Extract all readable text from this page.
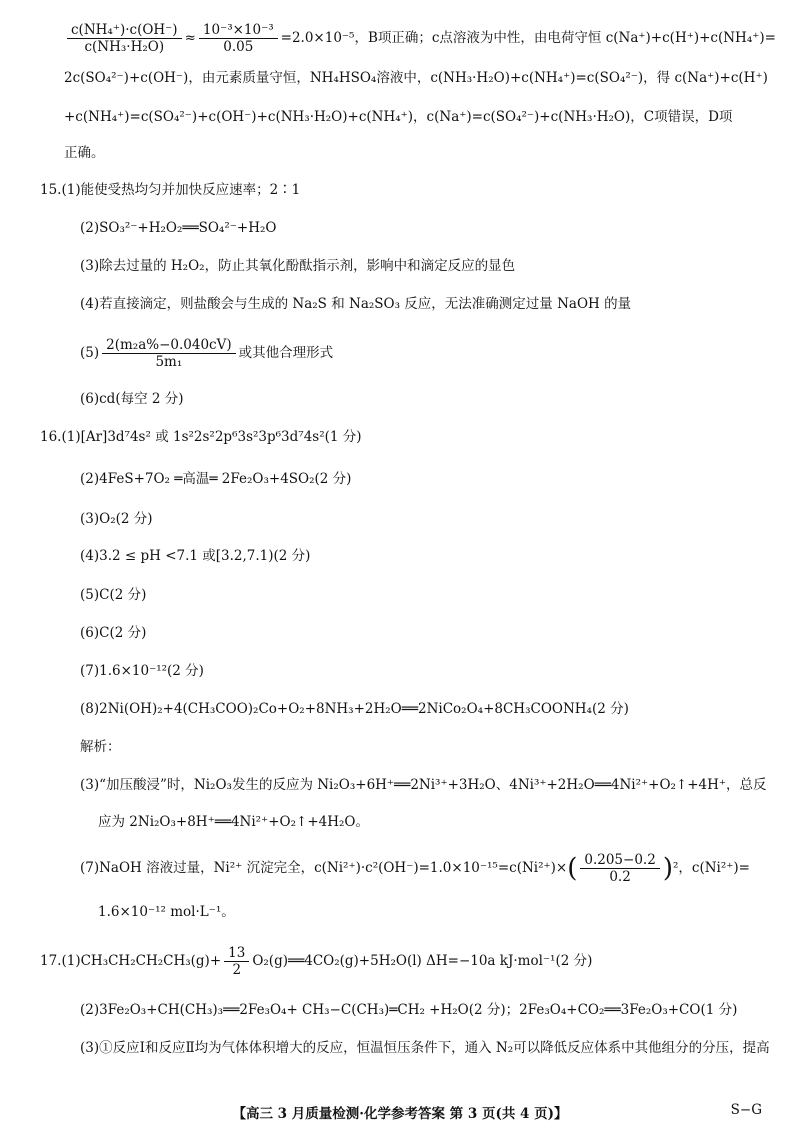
$\frac{\text{c(NH₄⁺)·c(OH⁻)}}{\text{c(NH₃·H₂O)}} \approx \frac{\text{10⁻³×10⁻³}}{0.05} =2.0\times 10^{-5}$，B项正确；c点溶液为中性，由电荷守恒 c(Na⁺)+c(H⁺)+c(NH₄⁺)=
2c(SO₄²⁻)+c(OH⁻)，由元素质量守恒，NH₄HSO₄溶液中，c(NH₃·H₂O)+c(NH₄⁺)=c(SO₄²⁻)，得 c(Na⁺)+c(H⁺)
+c(NH₄⁺)=c(SO₄²⁻)+c(OH⁻)+c(NH₃·H₂O)+c(NH₄⁺)，c(Na⁺)=c(SO₄²⁻)+c(NH₃·H₂O)，C项错误，D项
正确。
15.(1)能使受热均匀并加快反应速率；2∶1
(2)SO₃²⁻+H₂O₂══SO₄²⁻+H₂O
(3)除去过量的 H₂O₂，防止其氧化酚酞指示剂，影响中和滴定反应的显色
(4)若直接滴定，则盐酸会与生成的 Na₂S 和 Na₂SO₃ 反应，无法准确测定过量 NaOH 的量
$(5) \frac{\text{2(m₂a\%−0.040cV)}}{\text{5m₁}}$ 或其他合理形式
(6)cd(每空 2 分)
16.(1)[Ar]3d⁷4s² 或 1s²2s²2p⁶3s²3p⁶3d⁷4s²(1 分)
(2)4FeS+7O₂ ═高温═ 2Fe₂O₃+4SO₂(2 分)
(3)O₂(2 分)
(4)3.2 ≤ pH <7.1 或[3.2,7.1)(2 分)
(5)C(2 分)
(6)C(2 分)
(7)1.6×10⁻¹²(2 分)
(8)2Ni(OH)₂+4(CH₃COO)₂Co+O₂+8NH₃+2H₂O══2NiCo₂O₄+8CH₃COONH₄(2 分)
解析：
(3)“加压酸浸”时，Ni₂O₃发生的反应为 Ni₂O₃+6H⁺══2Ni³⁺+3H₂O、4Ni³⁺+2H₂O══4Ni²⁺+O₂↑+4H⁺，总反
应为 2Ni₂O₃+8H⁺══4Ni²⁺+O₂↑+4H₂O。
(7)NaOH 溶液过量，Ni²⁺ 沉淀完全，$c(Ni^{2+})\cdot c^2(OH^-)=1.0\times 10^{-15}=c(Ni^{2+})\times( \frac{0.205-0.2}{0.2} )^2$，c(Ni²⁺)=
1.6×10⁻¹² mol·L⁻¹。
$17.(1)CH_3CH_2CH_2CH_3(g)+ \frac{13}{2}$ O₂(g)══4CO₂(g)+5H₂O(l) ΔH=−10a kJ·mol⁻¹(2 分)
(2)3Fe₂O₃+CH(CH₃)₃══2Fe₃O₄+ CH₃−C(CH₃)═CH₂ +H₂O(2 分)；2Fe₃O₄+CO₂══3Fe₂O₃+CO(1 分)
(3)①反应Ⅰ和反应Ⅱ均为气体体积增大的反应，恒温恒压条件下，通入 N₂可以降低反应体系中其他组分的分压，提高
【高三 3 月质量检测·化学参考答案 第 3 页(共 4 页)】	S−G
